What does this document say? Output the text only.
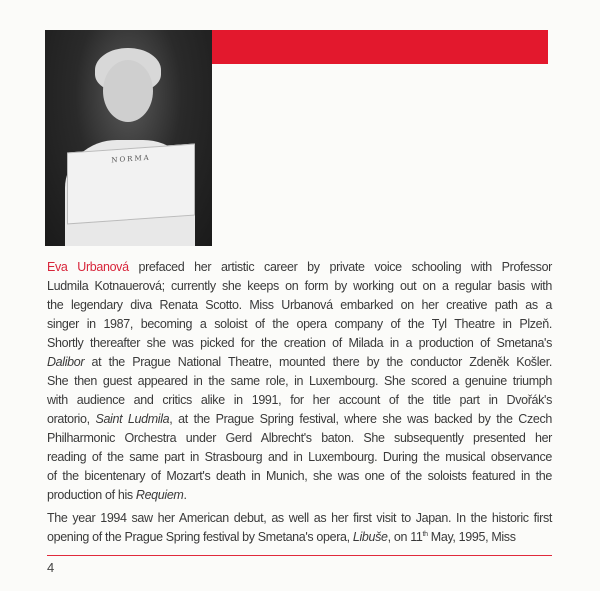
NORMA
Eva Urbanová prefaced her artistic career by private voice schooling with Professor
Ludmila Kotnauerová; currently she keeps on form by working out on a regular basis with
the legendary diva Renata Scotto. Miss Urbanová embarked on her creative path as a
singer in 1987, becoming a soloist of the opera company of the Tyl Theatre in Plzeň.
Shortly thereafter she was picked for the creation of Milada in a production of Smetana's
Dalibor at the Prague National Theatre, mounted there by the conductor Zdeněk Košler.
She then guest appeared in the same role, in Luxembourg. She scored a genuine triumph
with audience and critics alike in 1991, for her account of the title part in Dvořák's
oratorio, Saint Ludmila, at the Prague Spring festival, where she was backed by the Czech
Philharmonic Orchestra under Gerd Albrecht's baton. She subsequently presented her
reading of the same part in Strasbourg and in Luxembourg. During the musical observance
of the bicentenary of Mozart's death in Munich, she was one of the soloists featured in the
production of his Requiem.
The year 1994 saw her American debut, as well as her first visit to Japan. In the historic first
opening of the Prague Spring festival by Smetana's opera, Libuše, on 11th May, 1995, Miss
4
